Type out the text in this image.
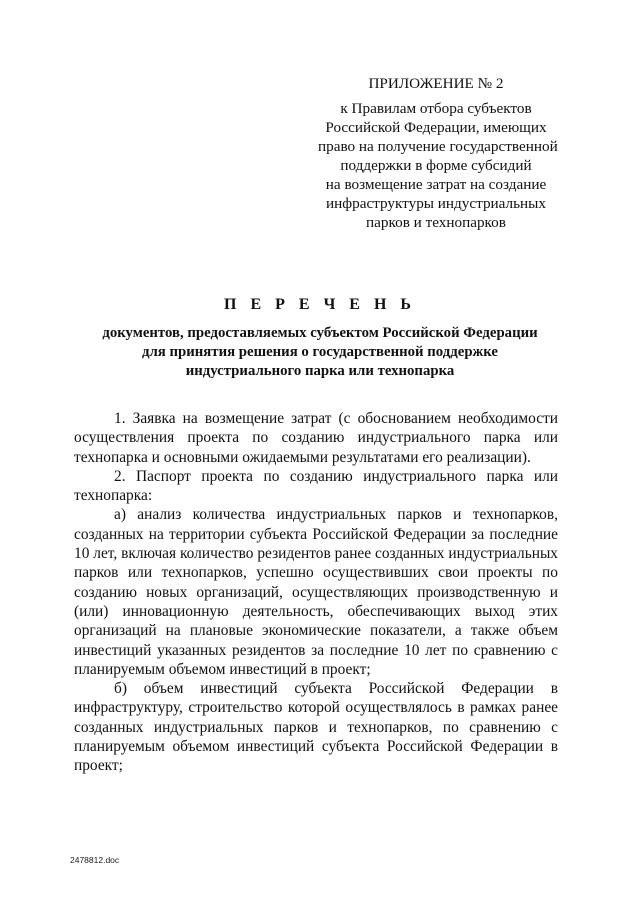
ПРИЛОЖЕНИЕ № 2
к Правилам отбора субъектов
Российской Федерации, имеющих
право на получение государственной
поддержки в форме субсидий
на возмещение затрат на создание
инфраструктуры индустриальных
парков и технопарков
П Е Р Е Ч Е Н Ь
документов, предоставляемых субъектом Российской Федерации
для принятия решения о государственной поддержке
индустриального парка или технопарка

1. Заявка на возмещение затрат (с обоснованием необходимости осуществления проекта по созданию индустриального парка или технопарка и основными ожидаемыми результатами его реализации).

2. Паспорт проекта по созданию индустриального парка или технопарка:

а) анализ количества индустриальных парков и технопарков, созданных на территории субъекта Российской Федерации за последние 10 лет, включая количество резидентов ранее созданных индустриальных парков или технопарков, успешно осуществивших свои проекты по созданию новых организаций, осуществляющих производственную и (или) инновационную деятельность, обеспечивающих выход этих организаций на плановые экономические показатели, а также объем инвестиций указанных резидентов за последние 10 лет по сравнению с планируемым объемом инвестиций в проект;

б) объем инвестиций субъекта Российской Федерации в инфраструктуру, строительство которой осуществлялось в рамках ранее созданных индустриальных парков и технопарков, по сравнению с планируемым объемом инвестиций субъекта Российской Федерации в проект;

2478812.doc
